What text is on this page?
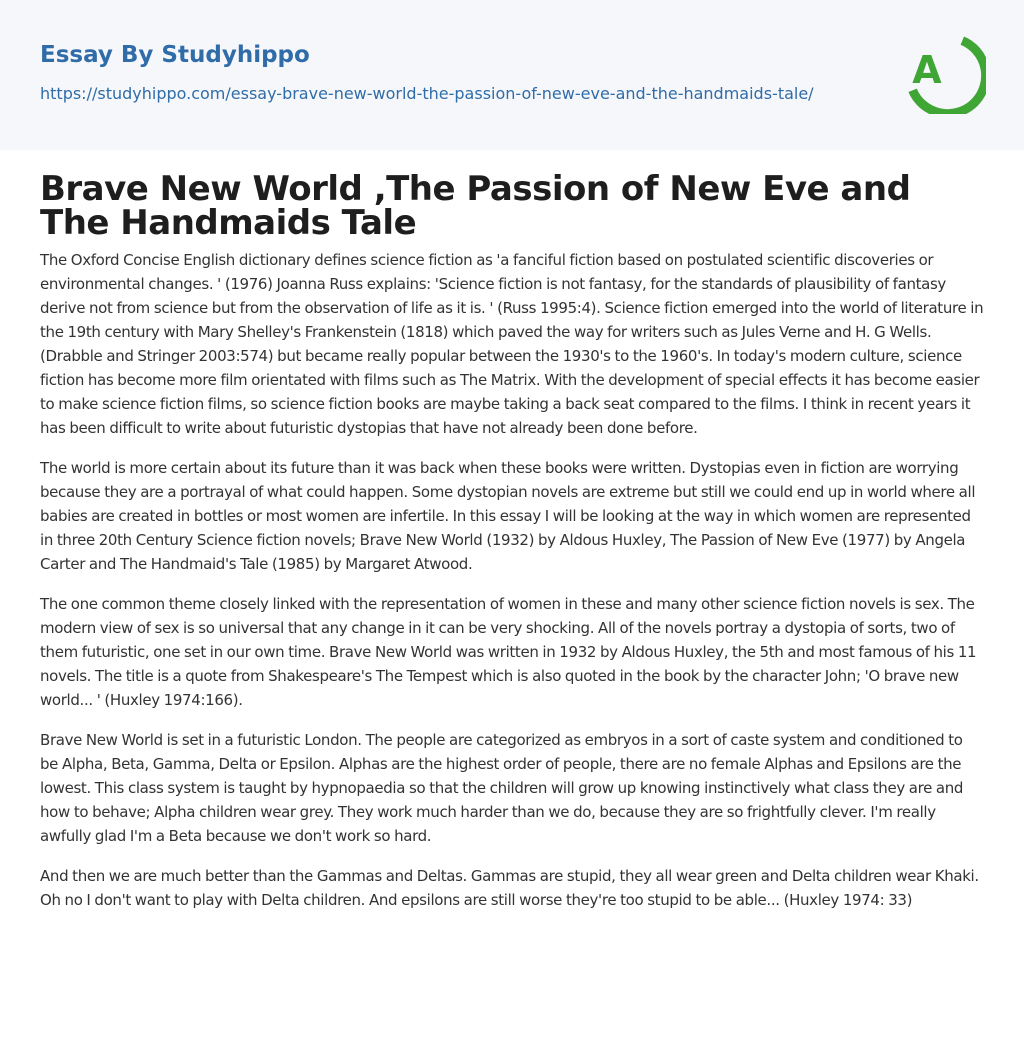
Essay By Studyhippo
https://studyhippo.com/essay-brave-new-world-the-passion-of-new-eve-and-the-handmaids-tale/
A
Brave New World ,The Passion of New Eve and
The Handmaids Tale

The Oxford Concise English dictionary defines science fiction as 'a fanciful fiction based on postulated scientific discoveries or environmental changes. ' (1976) Joanna Russ explains: 'Science fiction is not fantasy, for the standards of plausibility of fantasy derive not from science but from the observation of life as it is. ' (Russ 1995:4). Science fiction emerged into the world of literature in the 19th century with Mary Shelley's Frankenstein (1818) which paved the way for writers such as Jules Verne and H. G Wells. (Drabble and Stringer 2003:574) but became really popular between the 1930's to the 1960's. In today's modern culture, science fiction has become more film orientated with films such as The Matrix. With the development of special effects it has become easier to make science fiction films, so science fiction books are maybe taking a back seat compared to the films. I think in recent years it has been difficult to write about futuristic dystopias that have not already been done before.

The world is more certain about its future than it was back when these books were written. Dystopias even in fiction are worrying because they are a portrayal of what could happen. Some dystopian novels are extreme but still we could end up in world where all babies are created in bottles or most women are infertile. In this essay I will be looking at the way in which women are represented in three 20th Century Science fiction novels; Brave New World (1932) by Aldous Huxley, The Passion of New Eve (1977) by Angela Carter and The Handmaid's Tale (1985) by Margaret Atwood.

The one common theme closely linked with the representation of women in these and many other science fiction novels is sex. The modern view of sex is so universal that any change in it can be very shocking. All of the novels portray a dystopia of sorts, two of them futuristic, one set in our own time. Brave New World was written in 1932 by Aldous Huxley, the 5th and most famous of his 11 novels. The title is a quote from Shakespeare's The Tempest which is also quoted in the book by the character John; 'O brave new world... ' (Huxley 1974:166).

Brave New World is set in a futuristic London. The people are categorized as embryos in a sort of caste system and conditioned to be Alpha, Beta, Gamma, Delta or Epsilon. Alphas are the highest order of people, there are no female Alphas and Epsilons are the lowest. This class system is taught by hypnopaedia so that the children will grow up knowing instinctively what class they are and how to behave; Alpha children wear grey. They work much harder than we do, because they are so frightfully clever. I'm really awfully glad I'm a Beta because we don't work so hard.

And then we are much better than the Gammas and Deltas. Gammas are stupid, they all wear green and Delta children wear Khaki. Oh no I don't want to play with Delta children. And epsilons are still worse they're too stupid to be able... (Huxley 1974: 33)
